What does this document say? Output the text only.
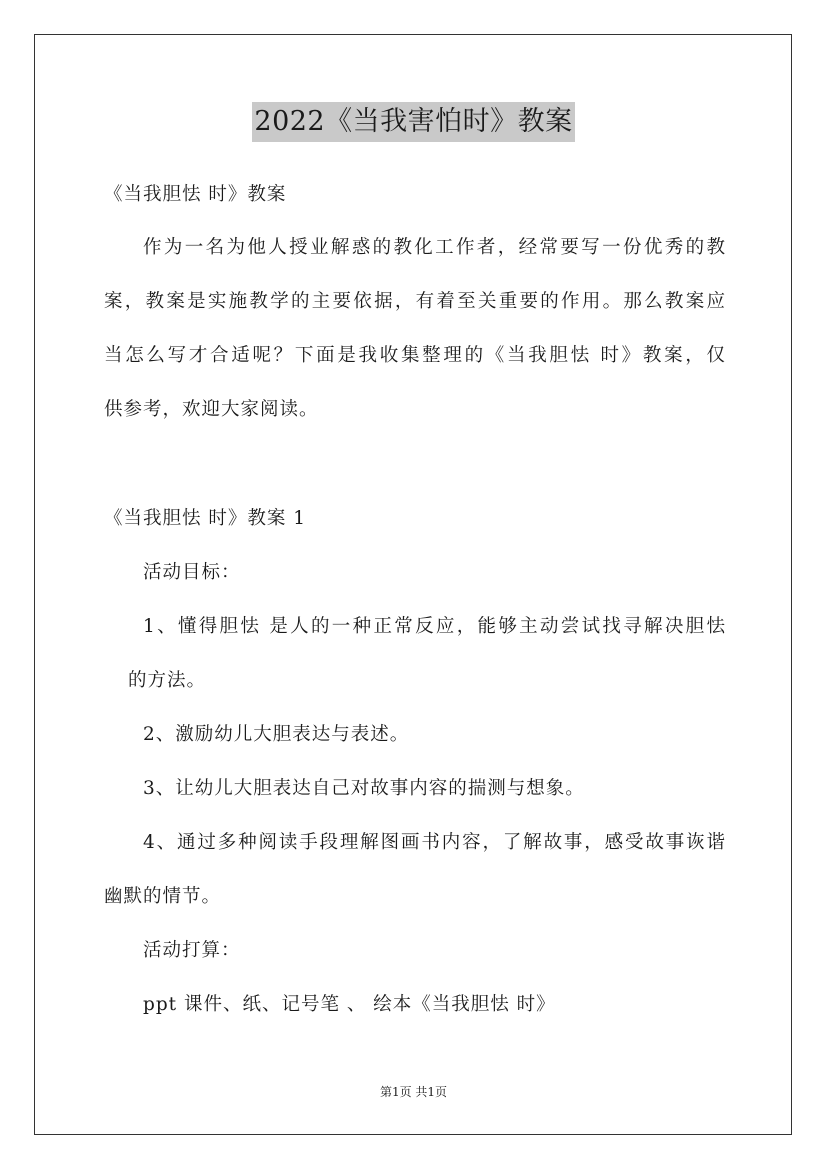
2022《当我害怕时》教案
《当我胆怯 时》教案
作为一名为他人授业解惑的教化工作者，经常要写一份优秀的教
案，教案是实施教学的主要依据，有着至关重要的作用。那么教案应
当怎么写才合适呢？下面是我收集整理的《当我胆怯 时》教案，仅
供参考，欢迎大家阅读。
《当我胆怯 时》教案 1
活动目标：
1、懂得胆怯 是人的一种正常反应，能够主动尝试找寻解决胆怯
的方法。
2、激励幼儿大胆表达与表述。
3、让幼儿大胆表达自己对故事内容的揣测与想象。
4、通过多种阅读手段理解图画书内容，了解故事，感受故事诙谐
幽默的情节。
活动打算：
ppt 课件、纸、记号笔 、 绘本《当我胆怯 时》
第1页 共1页
